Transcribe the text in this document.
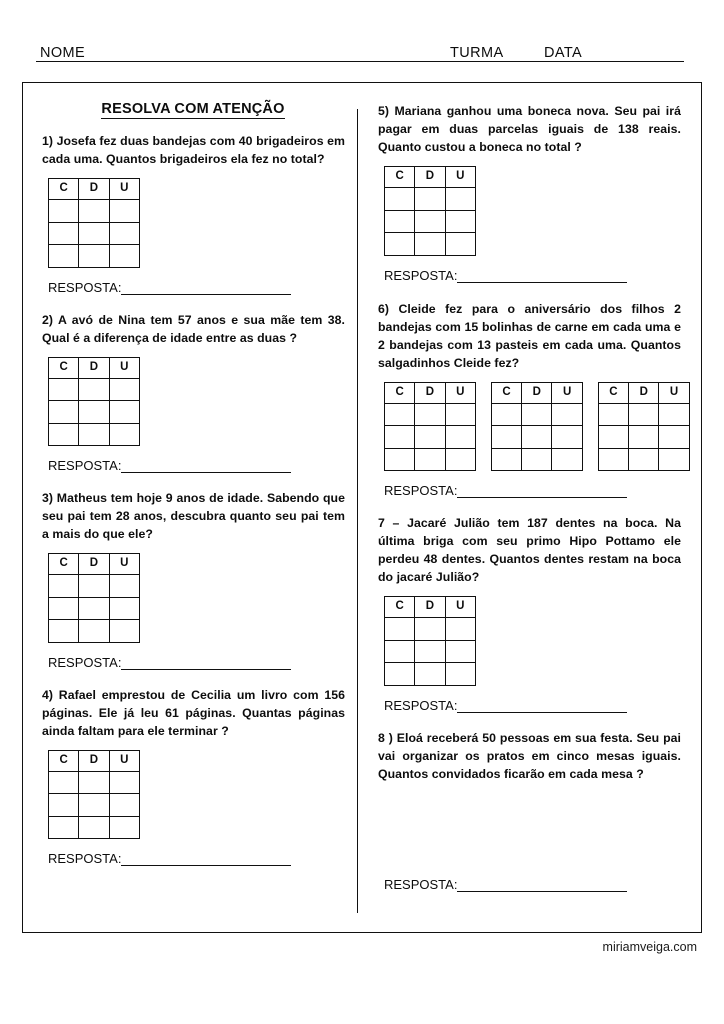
NOME	TURMA	DATA
RESOLVA COM ATENÇÃO

1) Josefa fez duas bandejas com 40 brigadeiros em cada uma. Quantos brigadeiros ela fez no total?

C	D	U

RESPOSTA:

2) A avó de Nina tem 57 anos e sua mãe tem 38. Qual é a diferença de idade entre as duas ?

C	D	U

RESPOSTA:

3) Matheus tem hoje 9 anos de idade. Sabendo que seu pai tem 28 anos, descubra quanto seu pai tem a mais do que ele?

C	D	U

RESPOSTA:

4) Rafael emprestou de Cecilia um livro com 156 páginas. Ele já leu 61 páginas. Quantas páginas ainda faltam para ele terminar ?

C	D	U

RESPOSTA:

5) Mariana ganhou uma boneca nova. Seu pai irá pagar em duas parcelas iguais de 138 reais. Quanto custou a boneca no total ?

C	D	U

RESPOSTA:

6) Cleide fez para o aniversário dos filhos 2 bandejas com 15 bolinhas de carne em cada uma e 2 bandejas com 13 pasteis em cada uma. Quantos salgadinhos Cleide fez?

C	D	U

			C	D	U

			C	D	U

RESPOSTA:

7 – Jacaré Julião tem 187 dentes na boca. Na última briga com seu primo Hipo Pottamo ele perdeu 48 dentes. Quantos dentes restam na boca do jacaré Julião?

C	D	U

RESPOSTA:

8 ) Eloá receberá 50 pessoas em sua festa. Seu pai vai organizar os pratos em cinco mesas iguais. Quantos convidados ficarão em cada mesa ?

RESPOSTA:
miriamveiga.com
